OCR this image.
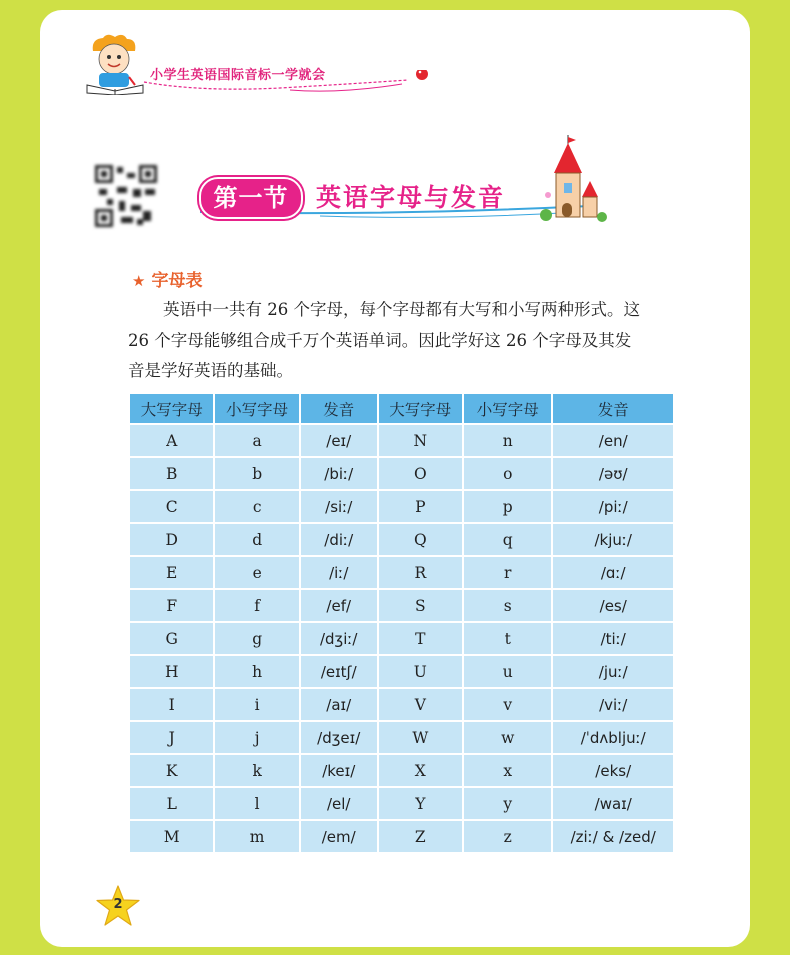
小学生英语国际音标一学就会
第一节	英语字母与发音
★ 字母表

英语中一共有 26 个字母，每个字母都有大写和小写两种形式。这

26 个字母能够组合成千万个英语单词。因此学好这 26 个字母及其发

音是学好英语的基础。

大写字母	小写字母	发音	大写字母	小写字母	发音
A	a	/eɪ/	N	n	/en/
B	b	/biː/	O	o	/əʊ/
C	c	/siː/	P	p	/piː/
D	d	/diː/	Q	q	/kjuː/
E	e	/iː/	R	r	/ɑː/
F	f	/ef/	S	s	/es/
G	g	/dʒiː/	T	t	/tiː/
H	h	/eɪtʃ/	U	u	/juː/
I	i	/aɪ/	V	v	/viː/
J	j	/dʒeɪ/	W	w	/ˈdʌbljuː/
K	k	/keɪ/	X	x	/eks/
L	l	/el/	Y	y	/waɪ/
M	m	/em/	Z	z	/ziː/ & /zed/
2
